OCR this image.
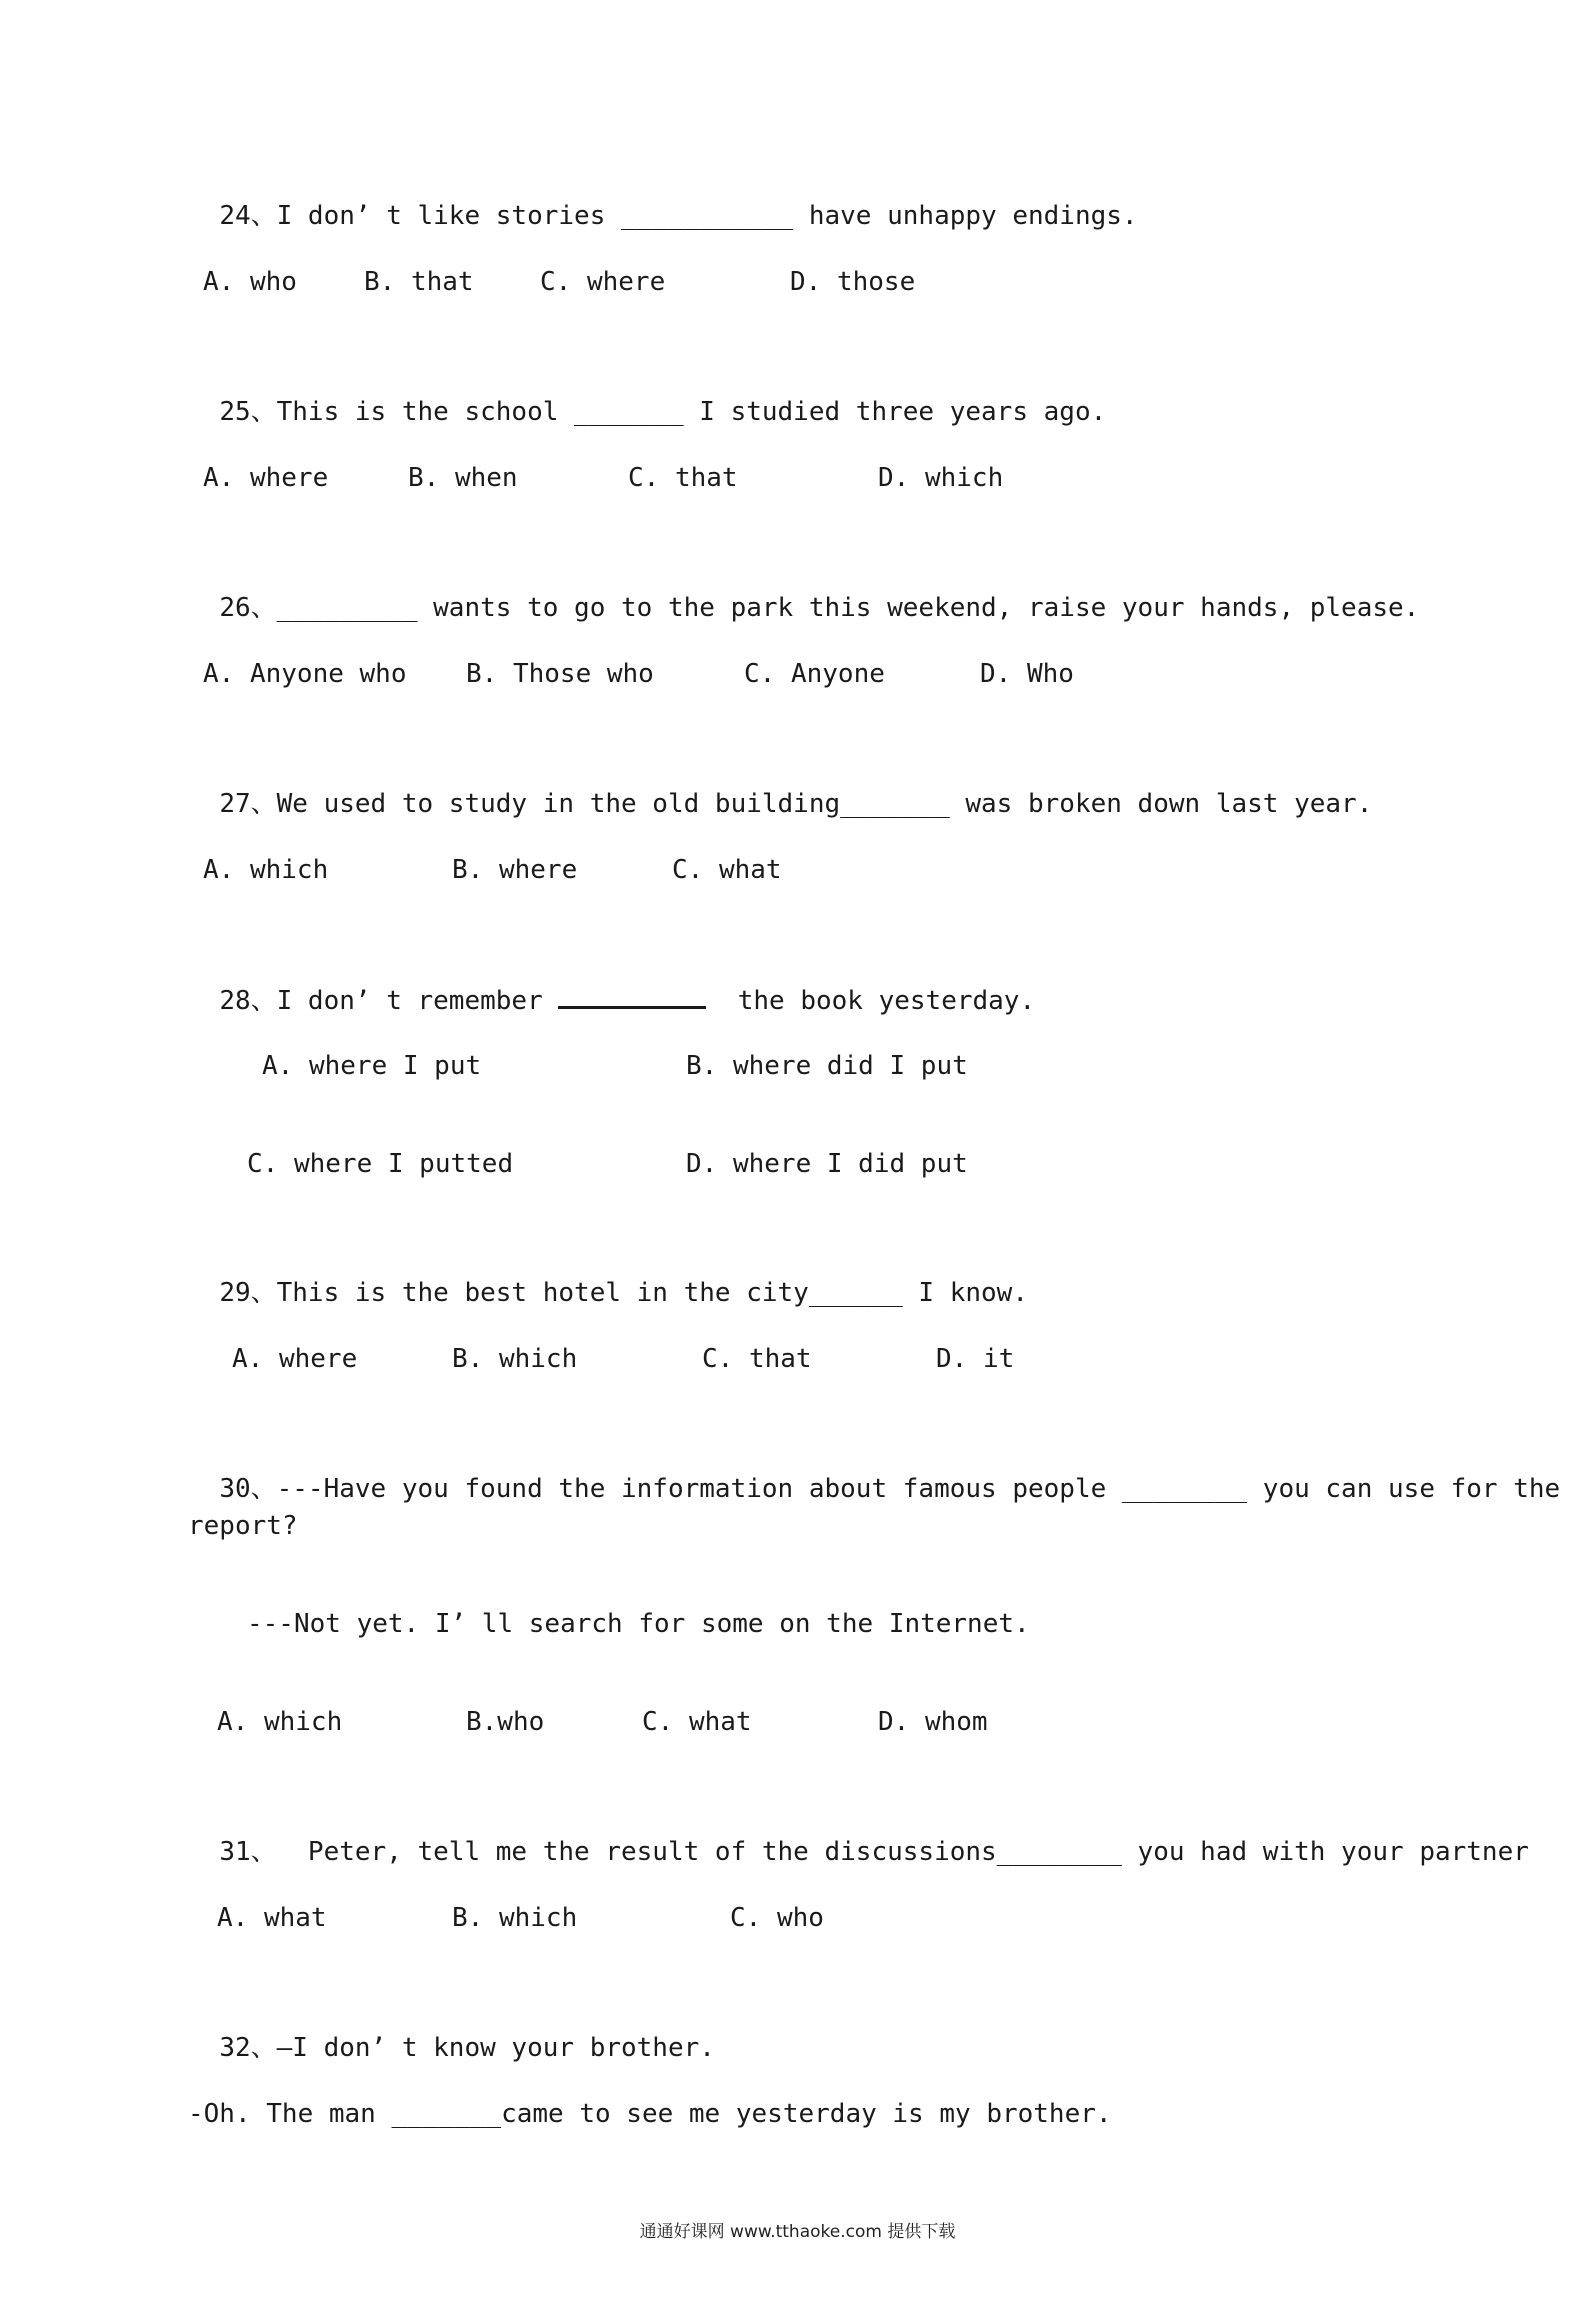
24、I don’ t like stories ___________ have unhappy endings.

A. who	B. that	C. where	D. those

25、This is the school _______ I studied three years ago.

A. where	B. when	C. that	D. which

26、_________ wants to go to the park this weekend, raise your hands, please.

A. Anyone who B. Those who	C. Anyone	D. Who

27、We used to study in the old building_______ was broken down last year.

A. which	B. where	C. what

28、I don’ t remember	the book yesterday.

A. where I put	B. where did I put
C. where I putted	D. where I did put

29、This is the best hotel in the city______ I know.

A. where	B. which	C. that	D. it

30、---Have you found the information about famous people ________ you can use for the

report?
---Not yet. I’ ll search for some on the Internet.
A. which	B.who	C. what	D. whom

31、  Peter, tell me the result of the discussions________ you had with your partner

A. what	B. which	C. who

32、–I don’ t know your brother.

-Oh. The man _______came to see me yesterday is my brother.
通通好课网 www.tthaoke.com 提供下载
